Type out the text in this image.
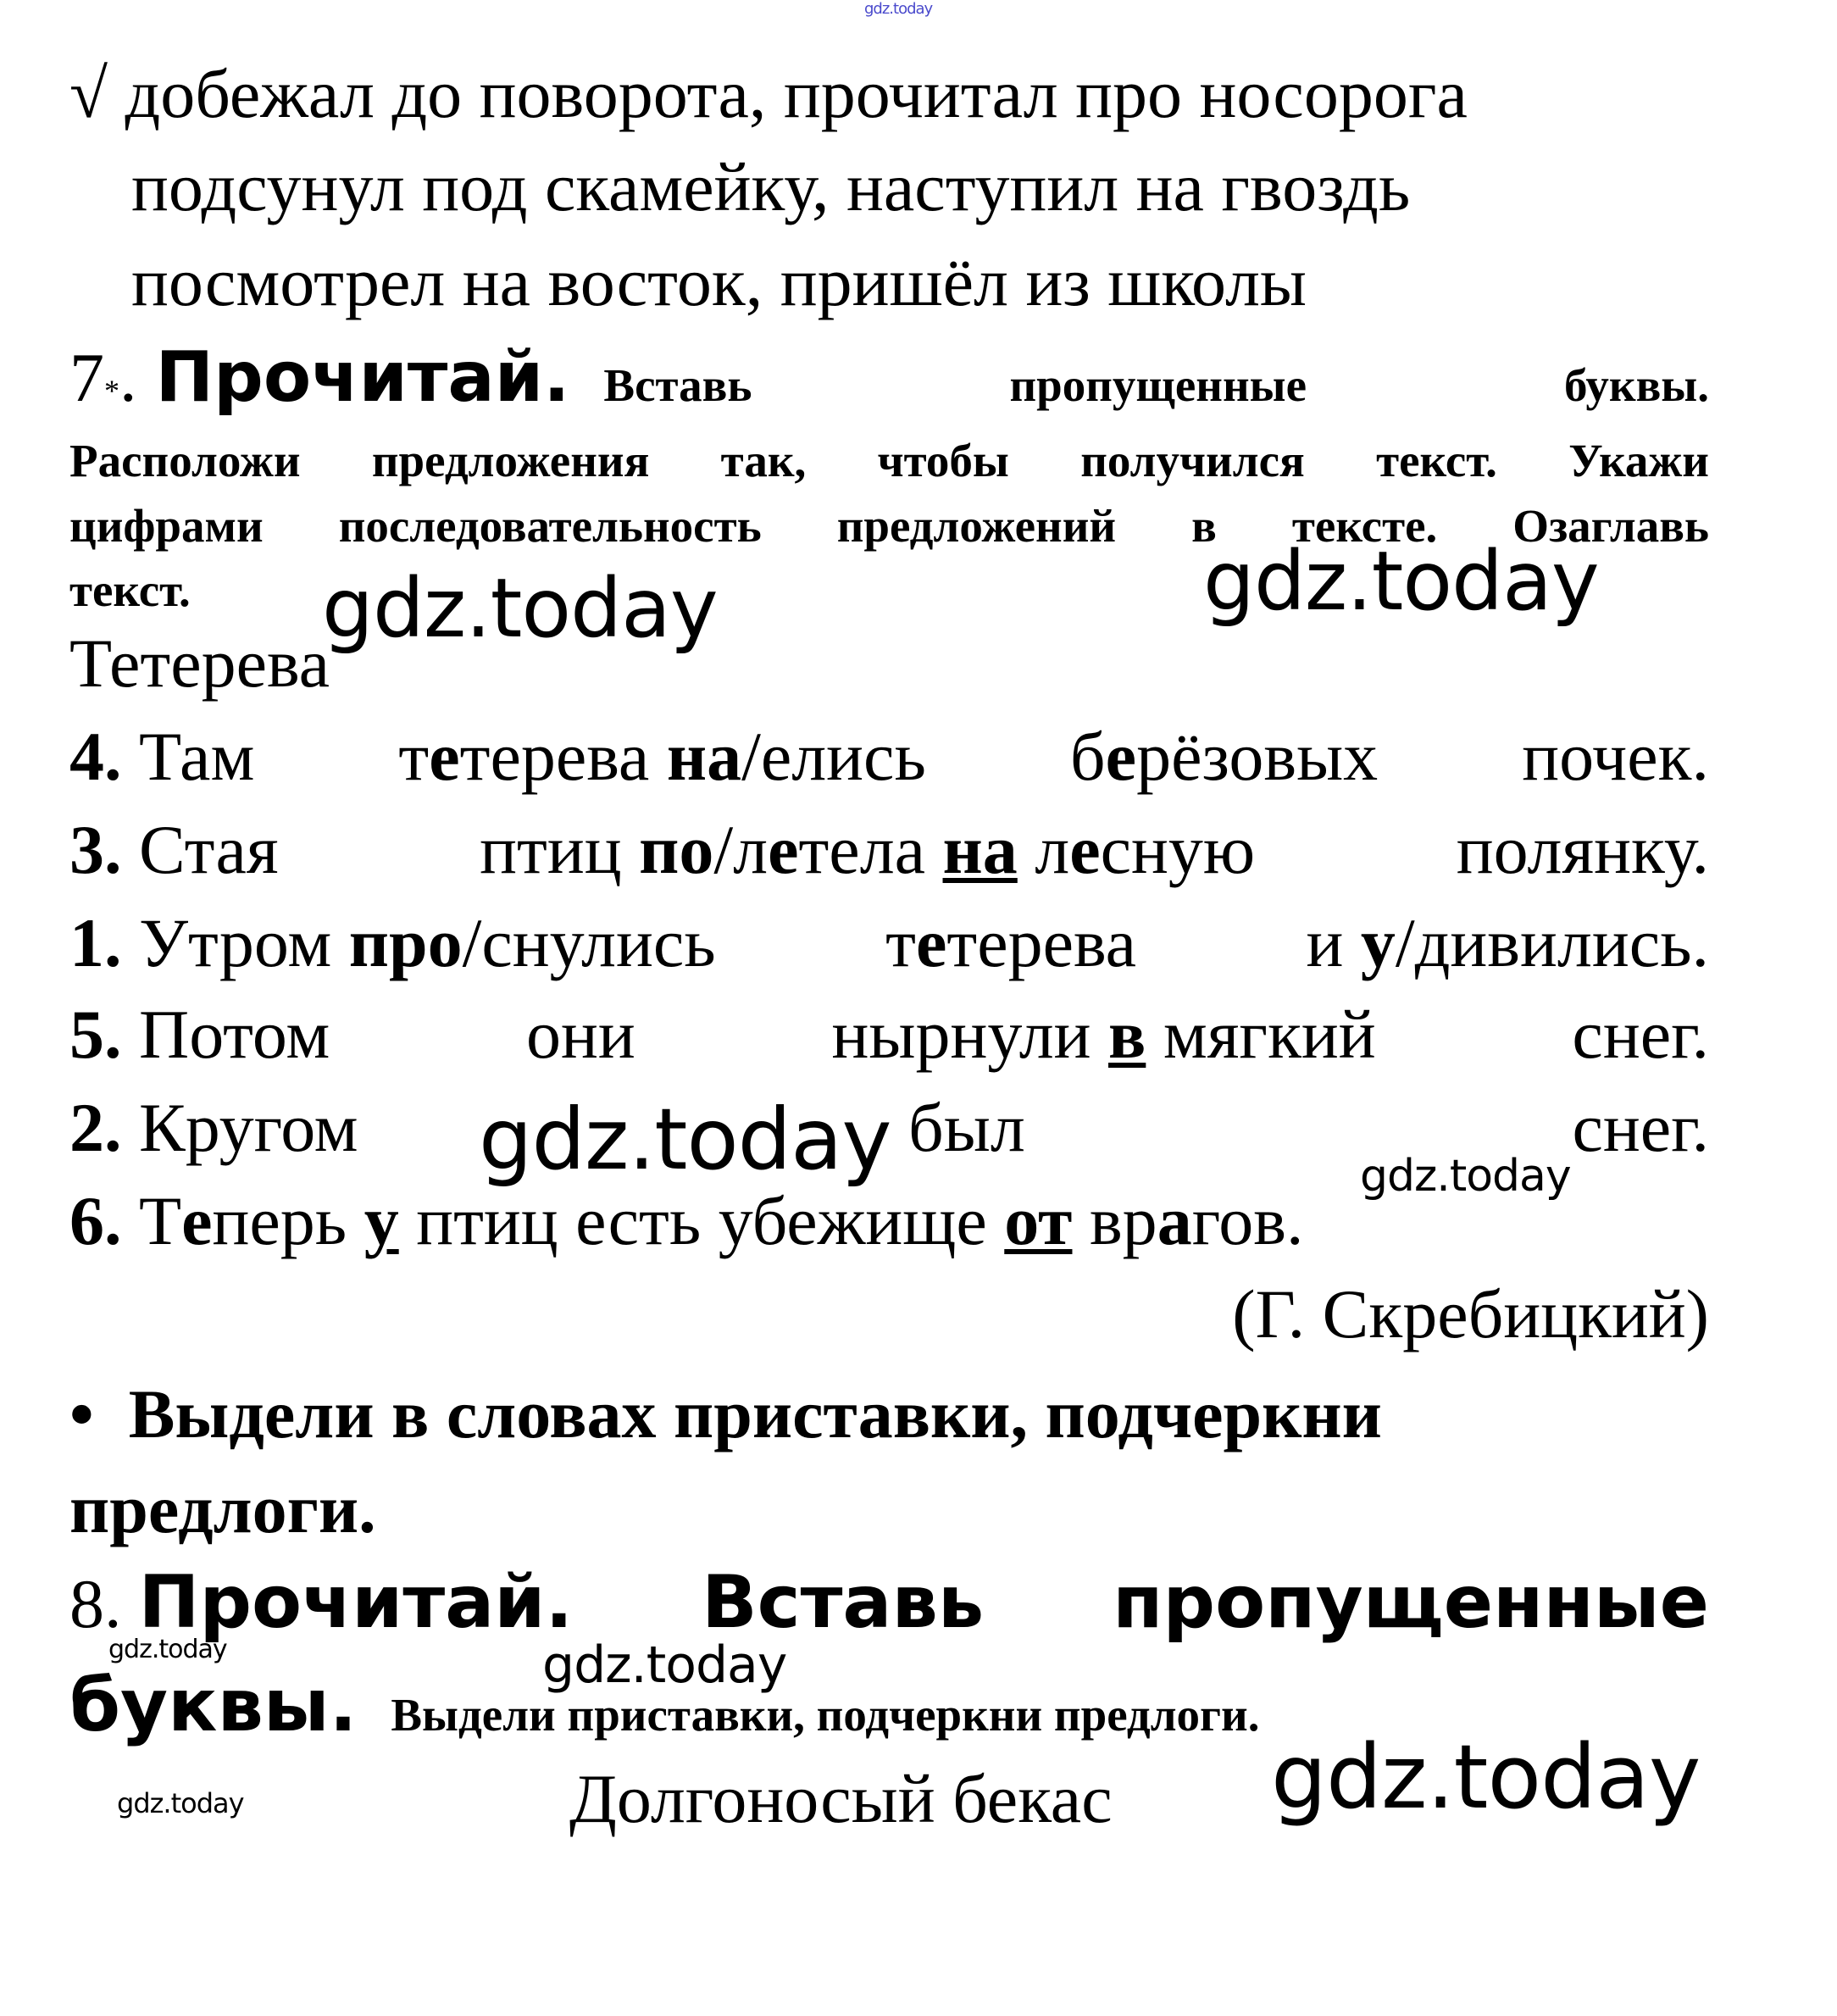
gdz.today
√ добежал до поворота, прочитал про носорога
подсунул под скамейку, наступил на гвоздь
посмотрел на восток, пришёл из школы
7 * . Прочитай. Вставь	пропущенные	буквы.
Расположи предложения так, чтобы получился текст. Укажи
цифрами последовательность предложений в тексте. Озаглавь
текст. gdz.today	gdz.today
Тетерева
4. Там тетерева на/елись берёзовых почек.
3. Стая	птиц по/летела на лесную	полянку.
1. Утром про/снулись тетерева и у/дивились.
5. Потом	они	нырнули в мягкий	снег.
2. Кругом	был	снег.
gdz.today	gdz.today
6. Теперь у птиц есть убежище от врагов.
(Г. Скребицкий)
• Выдели в словах приставки, подчеркни
предлоги.
8. Прочитай. Вставь пропущенные
gdz.today	gdz.today
буквы. Выдели приставки, подчеркни предлоги.
Долгоносый бекас
gdz.today	gdz.today
